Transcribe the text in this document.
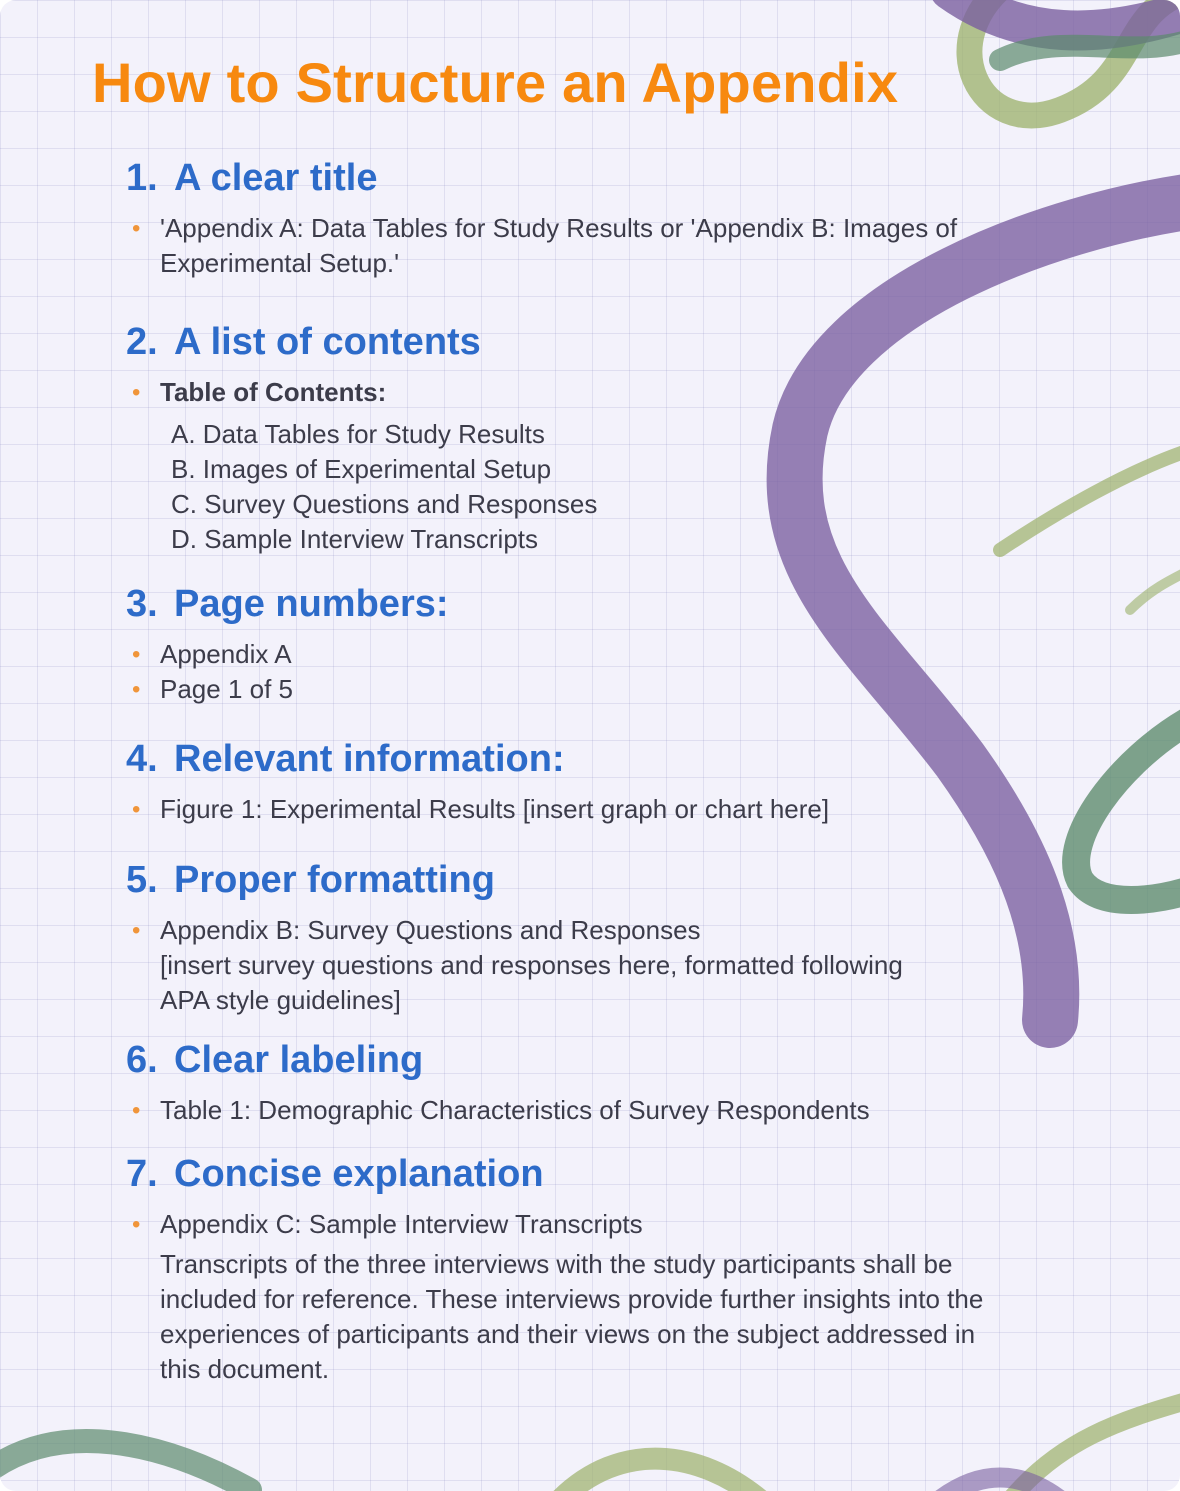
How to Structure an Appendix
1. A clear title
• 'Appendix A: Data Tables for Study Results or 'Appendix B: Images of Experimental Setup.'
2. A list of contents
• Table of Contents:
A. Data Tables for Study Results
B. Images of Experimental Setup
C. Survey Questions and Responses
D. Sample Interview Transcripts
3. Page numbers:
• Appendix A
• Page 1 of 5
4. Relevant information:
• Figure 1: Experimental Results [insert graph or chart here]
5. Proper formatting
• Appendix B: Survey Questions and Responses
[insert survey questions and responses here, formatted following APA style guidelines]
6. Clear labeling
• Table 1: Demographic Characteristics of Survey Respondents
7. Concise explanation
• Appendix C: Sample Interview Transcripts
Transcripts of the three interviews with the study participants shall be included for reference. These interviews provide further insights into the experiences of participants and their views on the subject addressed in this document.
